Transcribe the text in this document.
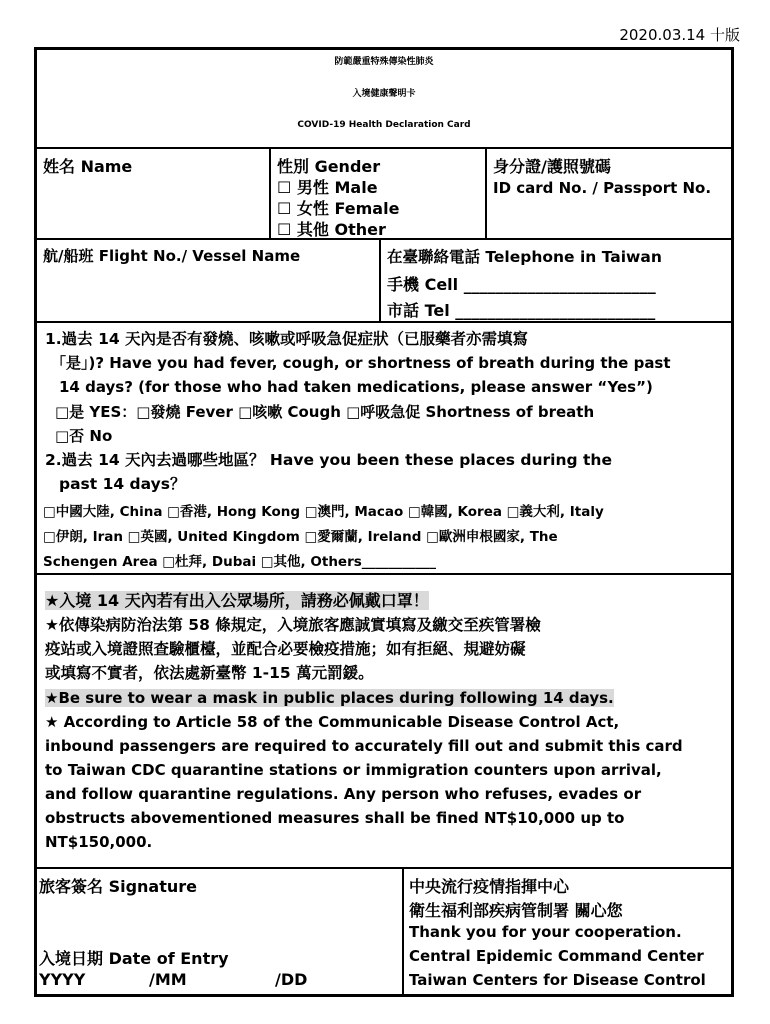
2020.03.14 十版
防範嚴重特殊傳染性肺炎
入境健康聲明卡
COVID-19 Health Declaration Card
姓名 Name	性別 Gender
☐ 男性 Male
☐ 女性 Female
☐ 其他 Other
身分證/護照號碼
ID card No. / Passport No.
航/船班 Flight No./ Vessel Name	在臺聯絡電話 Telephone in Taiwan
手機 Cell ________________________
市話 Tel _________________________
1.過去 14 天內是否有發燒、咳嗽或呼吸急促症狀（已服藥者亦需填寫
「是」)? Have you had fever, cough, or shortness of breath during the past
14 days? (for those who had taken medications, please answer “Yes”)
□是 YES：□發燒 Fever □咳嗽 Cough □呼吸急促 Shortness of breath
□否 No
2.過去 14 天內去過哪些地區？ Have you been these places during the
past 14 days？
□中國大陸, China □香港, Hong Kong □澳門, Macao □韓國, Korea □義大利, Italy
□伊朗, Iran □英國, United Kingdom □愛爾蘭, Ireland □歐洲申根國家, The
Schengen Area □杜拜, Dubai □其他, Others___________
★入境 14 天內若有出入公眾場所，請務必佩戴口罩！
★依傳染病防治法第 58 條規定，入境旅客應誠實填寫及繳交至疾管署檢
疫站或入境證照查驗櫃檯，並配合必要檢疫措施；如有拒絕、規避妨礙
或填寫不實者，依法處新臺幣 1-15 萬元罰鍰。
★Be sure to wear a mask in public places during following 14 days.
★ According to Article 58 of the Communicable Disease Control Act,
inbound passengers are required to accurately fill out and submit this card
to Taiwan CDC quarantine stations or immigration counters upon arrival,
and follow quarantine regulations. Any person who refuses, evades or
obstructs abovementioned measures shall be fined NT$10,000 up to
NT$150,000.
旅客簽名 Signature
入境日期 Date of Entry
YYYY	/MM	/DD
中央流行疫情指揮中心
衛生福利部疾病管制署 關心您
Thank you for your cooperation.
Central Epidemic Command Center
Taiwan Centers for Disease Control
